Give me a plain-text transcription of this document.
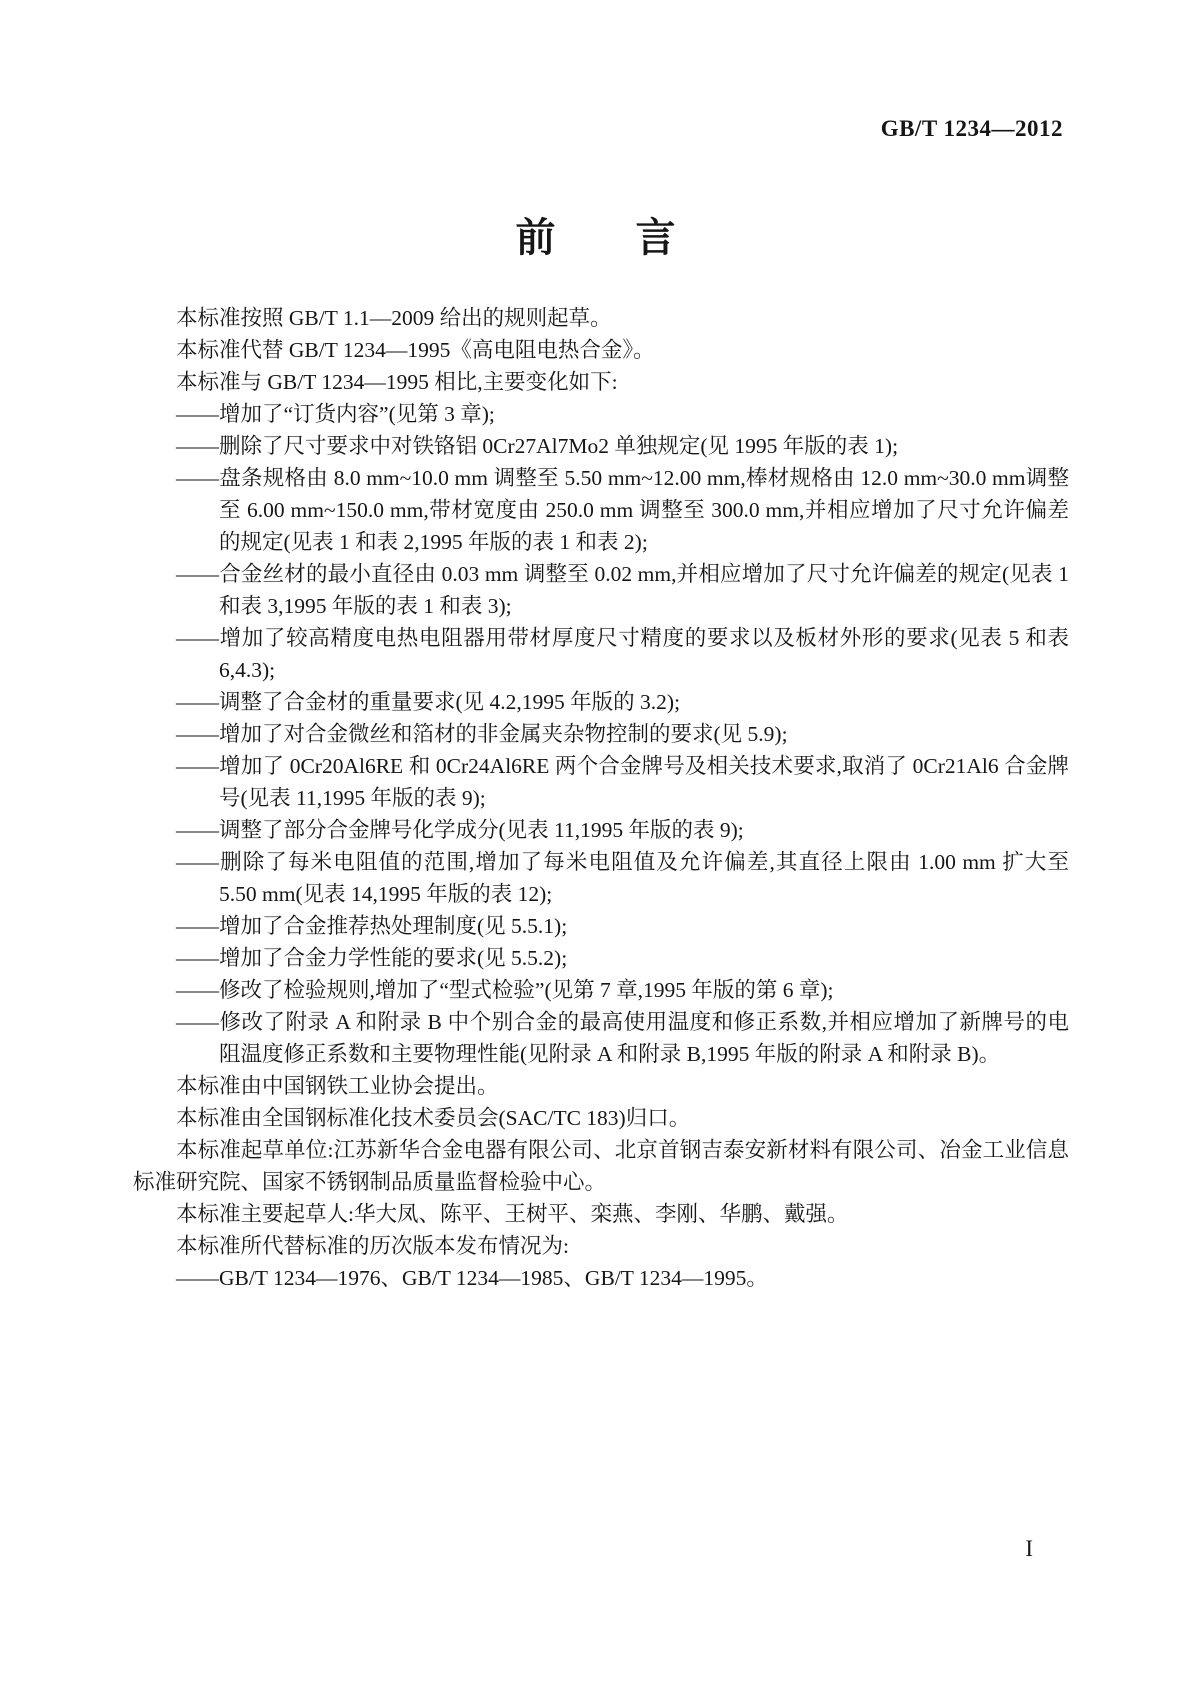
GB/T 1234—2012
前　　言

本标准按照 GB/T 1.1—2009 给出的规则起草。

本标准代替 GB/T 1234—1995《高电阻电热合金》。

本标准与 GB/T 1234—1995 相比,主要变化如下:

——增加了“订货内容”(见第 3 章);

——删除了尺寸要求中对铁铬铝 0Cr27Al7Mo2 单独规定(见 1995 年版的表 1);

——盘条规格由 8.0 mm~10.0 mm 调整至 5.50 mm~12.00 mm,棒材规格由 12.0 mm~30.0 mm调整至 6.00 mm~150.0 mm,带材宽度由 250.0 mm 调整至 300.0 mm,并相应增加了尺寸允许偏差的规定(见表 1 和表 2,1995 年版的表 1 和表 2);

——合金丝材的最小直径由 0.03 mm 调整至 0.02 mm,并相应增加了尺寸允许偏差的规定(见表 1 和表 3,1995 年版的表 1 和表 3);

——增加了较高精度电热电阻器用带材厚度尺寸精度的要求以及板材外形的要求(见表 5 和表 6,4.3);

——调整了合金材的重量要求(见 4.2,1995 年版的 3.2);

——增加了对合金微丝和箔材的非金属夹杂物控制的要求(见 5.9);

——增加了 0Cr20Al6RE 和 0Cr24Al6RE 两个合金牌号及相关技术要求,取消了 0Cr21Al6 合金牌号(见表 11,1995 年版的表 9);

——调整了部分合金牌号化学成分(见表 11,1995 年版的表 9);

——删除了每米电阻值的范围,增加了每米电阻值及允许偏差,其直径上限由 1.00 mm 扩大至 5.50 mm(见表 14,1995 年版的表 12);

——增加了合金推荐热处理制度(见 5.5.1);

——增加了合金力学性能的要求(见 5.5.2);

——修改了检验规则,增加了“型式检验”(见第 7 章,1995 年版的第 6 章);

——修改了附录 A 和附录 B 中个别合金的最高使用温度和修正系数,并相应增加了新牌号的电阻温度修正系数和主要物理性能(见附录 A 和附录 B,1995 年版的附录 A 和附录 B)。

本标准由中国钢铁工业协会提出。

本标准由全国钢标准化技术委员会(SAC/TC 183)归口。

本标准起草单位:江苏新华合金电器有限公司、北京首钢吉泰安新材料有限公司、冶金工业信息标准研究院、国家不锈钢制品质量监督检验中心。

本标准主要起草人:华大凤、陈平、王树平、栾燕、李刚、华鹏、戴强。

本标准所代替标准的历次版本发布情况为:

——GB/T 1234—1976、GB/T 1234—1985、GB/T 1234—1995。

I
